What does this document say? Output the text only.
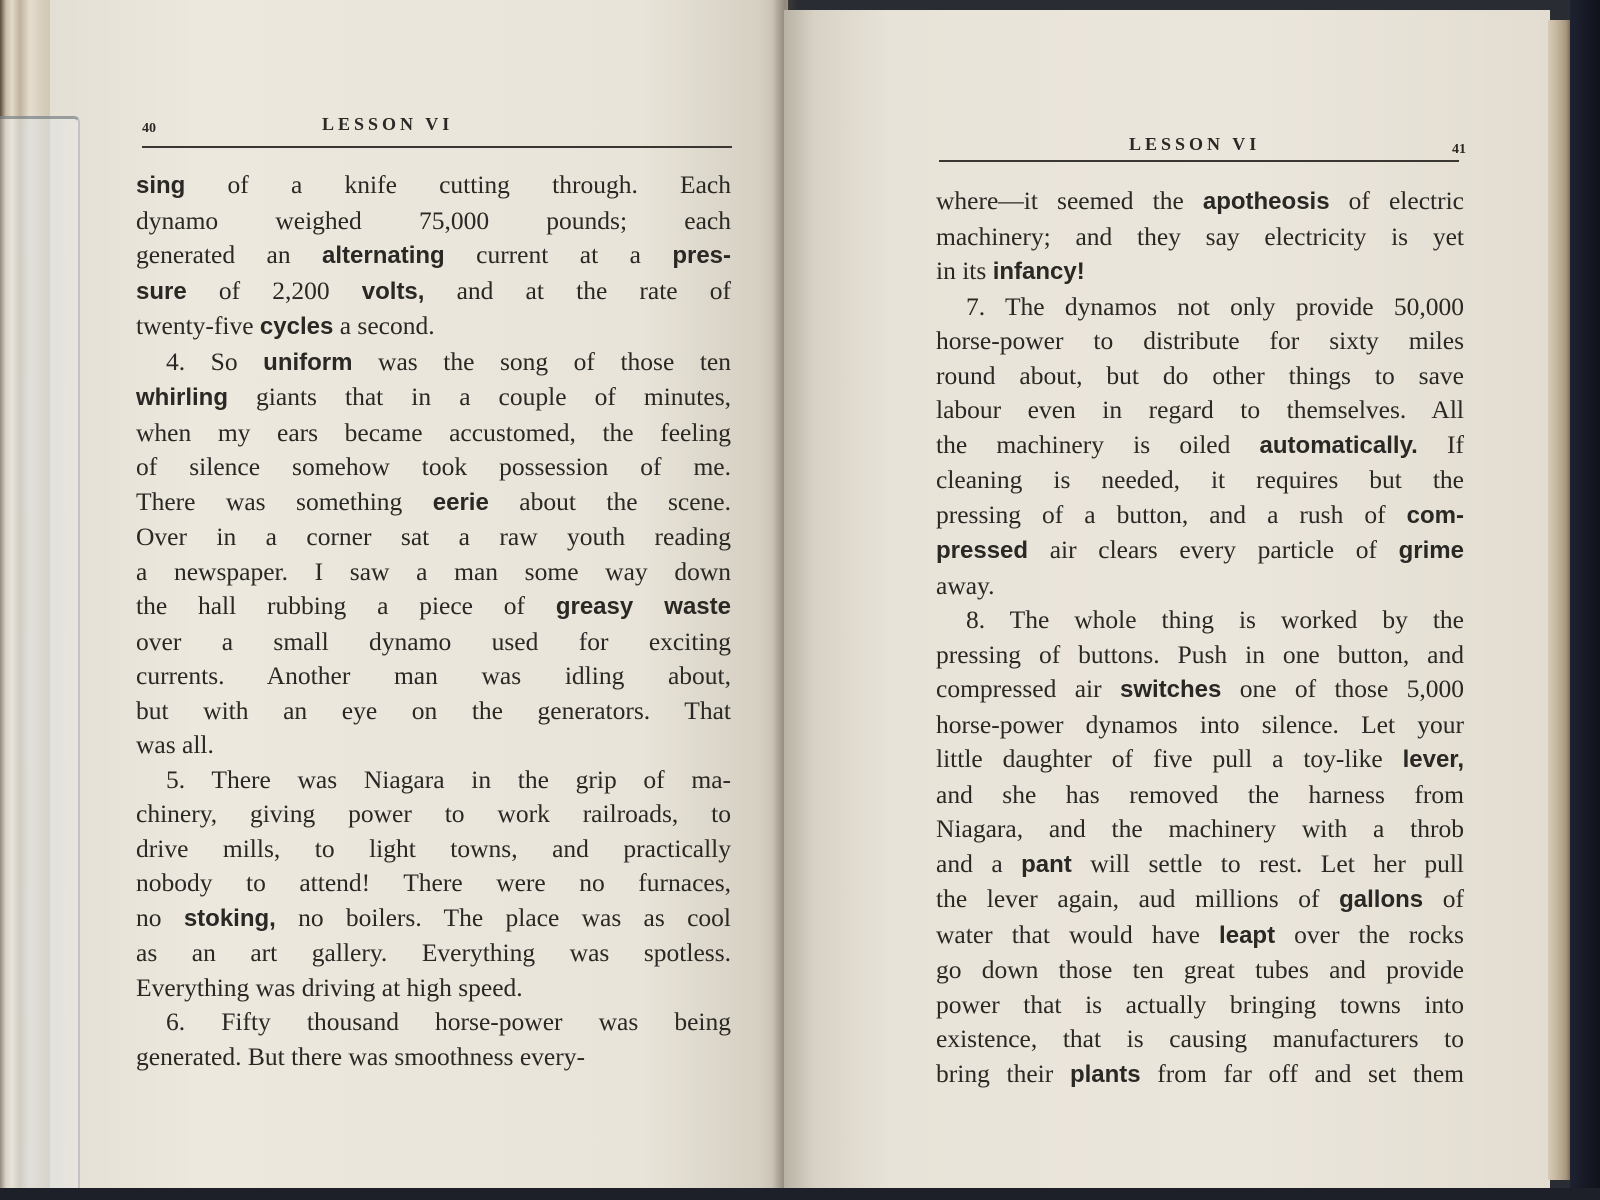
40	LESSON VI
sing of a knife cutting through. Each
dynamo weighed 75,000 pounds; each
generated an alternating current at a pres-
sure of 2,200 volts, and at the rate of
twenty-five cycles a second.
4. So uniform was the song of those ten
whirling giants that in a couple of minutes,
when my ears became accustomed, the feeling
of silence somehow took possession of me.
There was something eerie about the scene.
Over in a corner sat a raw youth reading
a newspaper. I saw a man some way down
the hall rubbing a piece of greasy waste
over a small dynamo used for exciting
currents. Another man was idling about,
but with an eye on the generators. That
was all.
5. There was Niagara in the grip of ma-
chinery, giving power to work railroads, to
drive mills, to light towns, and practically
nobody to attend! There were no furnaces,
no stoking, no boilers. The place was as cool
as an art gallery. Everything was spotless.
Everything was driving at high speed.
6. Fifty thousand horse-power was being
generated. But there was smoothness every-
LESSON VI	41
where—it seemed the apotheosis of electric
machinery; and they say electricity is yet
in its infancy!
7. The dynamos not only provide 50,000
horse-power to distribute for sixty miles
round about, but do other things to save
labour even in regard to themselves. All
the machinery is oiled automatically. If
cleaning is needed, it requires but the
pressing of a button, and a rush of com-
pressed air clears every particle of grime
away.
8. The whole thing is worked by the
pressing of buttons. Push in one button, and
compressed air switches one of those 5,000
horse-power dynamos into silence. Let your
little daughter of five pull a toy-like lever,
and she has removed the harness from
Niagara, and the machinery with a throb
and a pant will settle to rest. Let her pull
the lever again, aud millions of gallons of
water that would have leapt over the rocks
go down those ten great tubes and provide
power that is actually bringing towns into
existence, that is causing manufacturers to
bring their plants from far off and set them
